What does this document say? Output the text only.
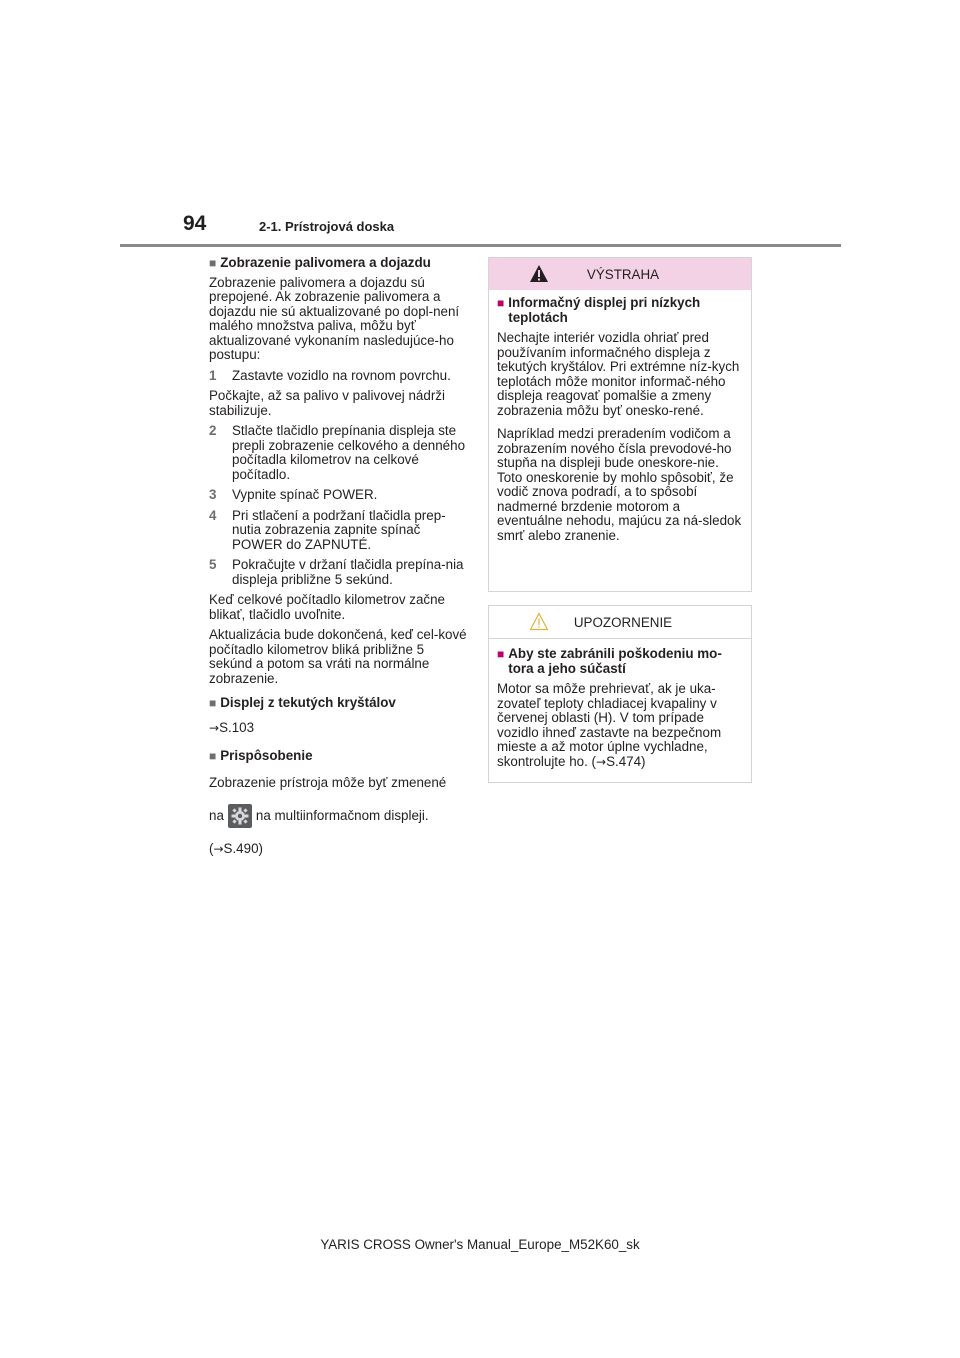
94	2-1. Prístrojová doska
■ Zobrazenie palivomera a dojazdu

Zobrazenie palivomera a dojazdu sú prepojené. Ak zobrazenie palivomera a dojazdu nie sú aktualizované po dopl-není malého množstva paliva, môžu byť aktualizované vykonaním nasledujúce-ho postupu:

1	Zastavte vozidlo na rovnom povrchu.

Počkajte, až sa palivo v palivovej nádrži stabilizuje.

2	Stlačte tlačidlo prepínania displeja ste prepli zobrazenie celkového a denného počítadla kilometrov na celkové počítadlo.
3	Vypnite spínač POWER.
4	Pri stlačení a podržaní tlačidla prep-nutia zobrazenia zapnite spínač POWER do ZAPNUTÉ.
5	Pokračujte v držaní tlačidla prepína-nia displeja približne 5 sekúnd.

Keď celkové počítadlo kilometrov začne blikať, tlačidlo uvoľnite.

Aktualizácia bude dokončená, keď cel-kové počítadlo kilometrov bliká približne 5 sekúnd a potom sa vráti na normálne zobrazenie.

■ Displej z tekutých kryštálov
→S.103
■ Prispôsobenie

Zobrazenie prístroja môže byť zmenené

na na multiinformačnom displeji.
(→S.490)
VÝSTRAHA
■ Informačný displej pri nízkych teplotách

Nechajte interiér vozidla ohriať pred používaním informačného displeja z tekutých kryštálov. Pri extrémne níz-kych teplotách môže monitor informač-ného displeja reagovať pomalšie a zmeny zobrazenia môžu byť onesko-rené.

Napríklad medzi preradením vodičom a zobrazením nového čísla prevodové-ho stupňa na displeji bude oneskore-nie. Toto oneskorenie by mohlo spôsobiť, že vodič znova podradí, a to spôsobí nadmerné brzdenie motorom a eventuálne nehodu, majúcu za ná-sledok smrť alebo zranenie.

UPOZORNENIE
■ Aby ste zabránili poškodeniu mo-tora a jeho súčastí

Motor sa môže prehrievať, ak je uka-zovateľ teploty chladiacej kvapaliny v červenej oblasti (H). V tom prípade vozidlo ihneď zastavte na bezpečnom mieste a až motor úplne vychladne, skontrolujte ho. (→S.474)

YARIS CROSS Owner's Manual_Europe_M52K60_sk
